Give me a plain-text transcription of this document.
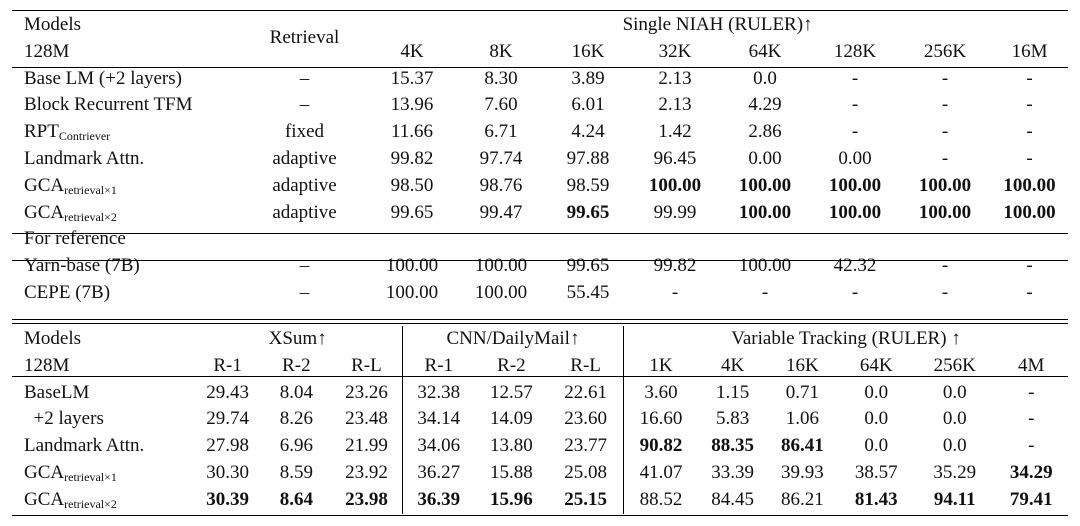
Models	Retrieval	Single NIAH (RULER)↑							
128M		4K	8K	16K	32K	64K	128K	256K	16M
Base LM (+2 layers)	–	15.37	8.30	3.89	2.13	0.0	-	-	-
Block Recurrent TFM	–	13.96	7.60	6.01	2.13	4.29	-	-	-
$RPT_{Contriever}$	fixed	11.66	6.71	4.24	1.42	2.86	-	-	-
Landmark Attn.	adaptive	99.82	97.74	97.88	96.45	0.00	0.00	-	-
$GCA_{retrieval\times 1}$	adaptive	98.50	98.76	98.59	100.00	100.00	100.00	100.00	100.00
$GCA_{retrieval\times 2}$	adaptive	99.65	99.47	99.65	99.99	100.00	100.00	100.00	100.00
For reference									
Yarn-base (7B)	–	100.00	100.00	99.65	99.82	100.00	42.32	-	-
CEPE (7B)	–	100.00	100.00	55.45	-	-	-	-	-
Models	XSum↑			CNN/DailyMail↑			Variable Tracking (RULER) ↑					
128M	R-1	R-2	R-L	R-1	R-2	R-L	1K	4K	16K	64K	256K	4M
BaseLM	29.43	8.04	23.26	32.38	12.57	22.61	3.60	1.15	0.71	0.0	0.0	-
+2 layers	29.74	8.26	23.48	34.14	14.09	23.60	16.60	5.83	1.06	0.0	0.0	-
Landmark Attn.	27.98	6.96	21.99	34.06	13.80	23.77	90.82	88.35	86.41	0.0	0.0	-
$GCA_{retrieval\times 1}$	30.30	8.59	23.92	36.27	15.88	25.08	41.07	33.39	39.93	38.57	35.29	34.29
$GCA_{retrieval\times 2}$	30.39	8.64	23.98	36.39	15.96	25.15	88.52	84.45	86.21	81.43	94.11	79.41
